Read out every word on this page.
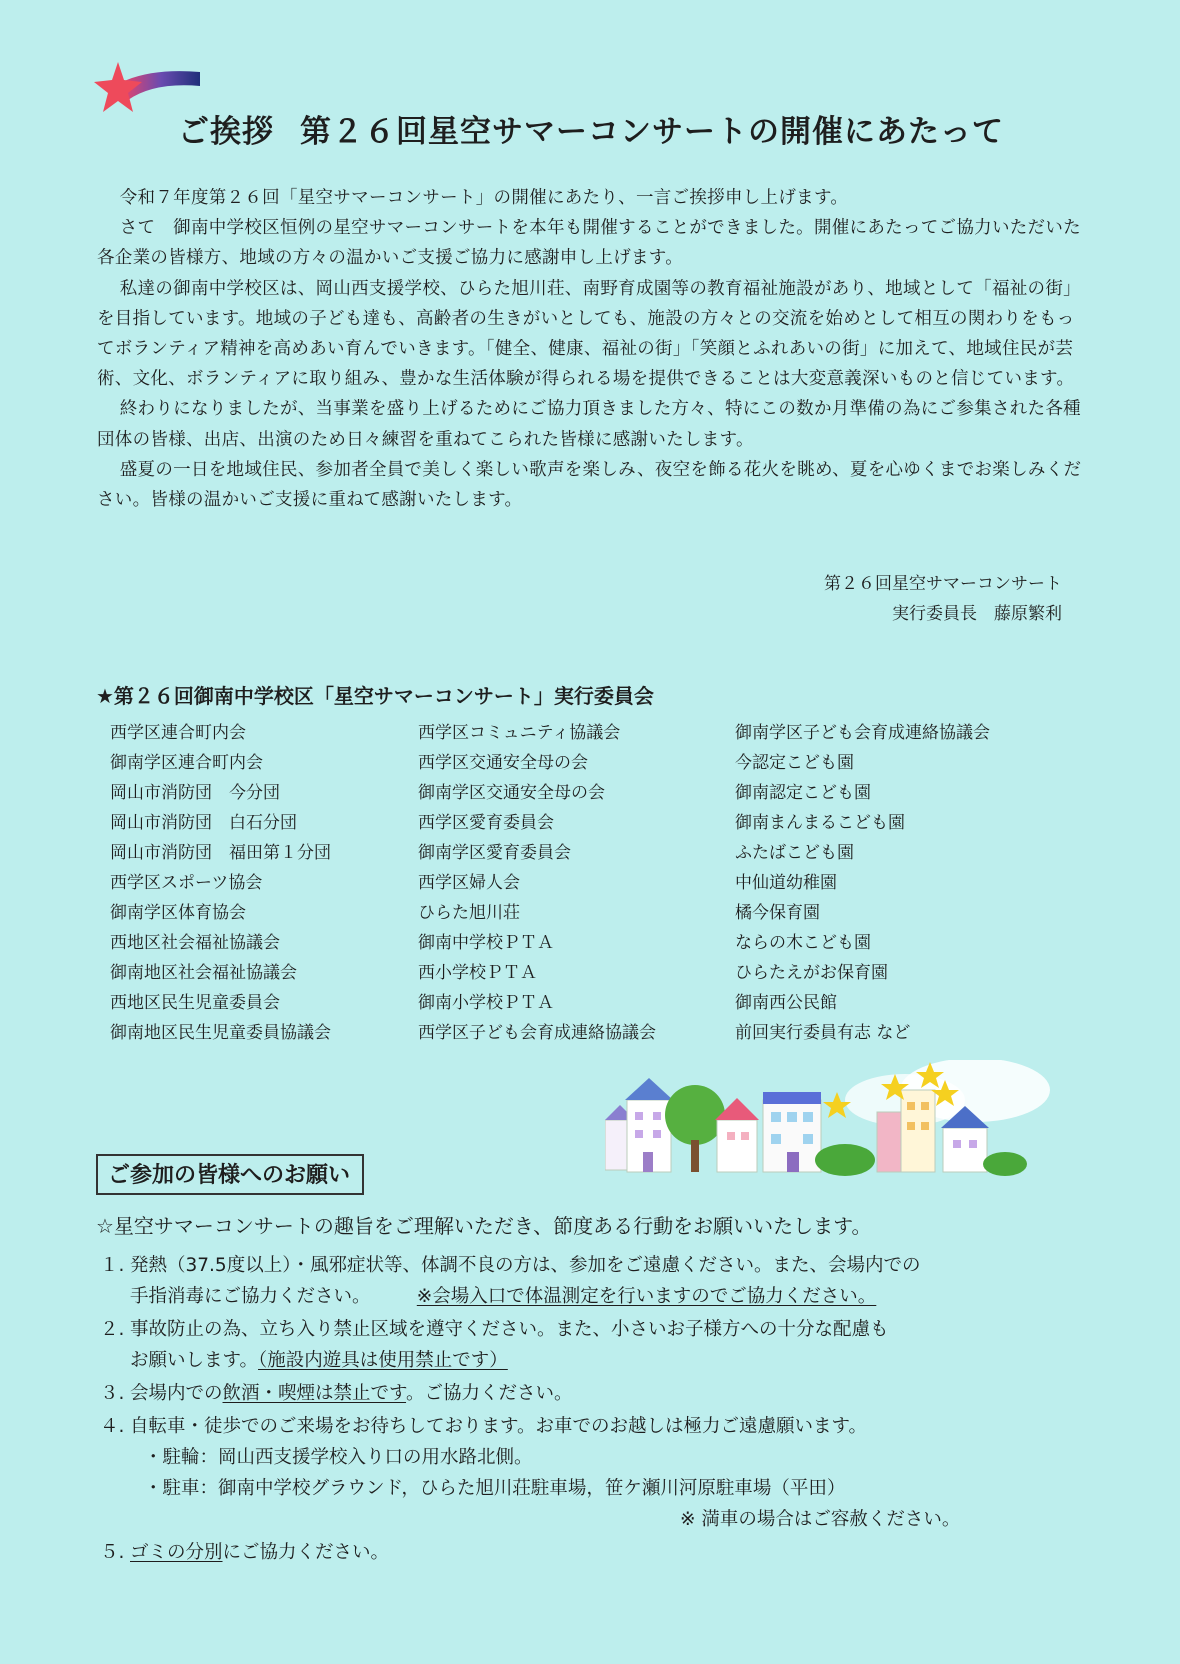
ご挨拶 第２６回星空サマーコンサートの開催にあたって

令和７年度第２６回「星空サマーコンサート」の開催にあたり、一言ご挨拶申し上げます。

さて　御南中学校区恒例の星空サマーコンサートを本年も開催することができました。開催にあたってご協力いただいた各企業の皆様方、地域の方々の温かいご支援ご協力に感謝申し上げます。

私達の御南中学校区は、岡山西支援学校、ひらた旭川荘、南野育成園等の教育福祉施設があり、地域として「福祉の街」を目指しています。地域の子ども達も、高齢者の生きがいとしても、施設の方々との交流を始めとして相互の関わりをもってボランティア精神を高めあい育んでいきます。「健全、健康、福祉の街」「笑顔とふれあいの街」に加えて、地域住民が芸術、文化、ボランティアに取り組み、豊かな生活体験が得られる場を提供できることは大変意義深いものと信じています。

終わりになりましたが、当事業を盛り上げるためにご協力頂きました方々、特にこの数か月準備の為にご参集された各種団体の皆様、出店、出演のため日々練習を重ねてこられた皆様に感謝いたします。

盛夏の一日を地域住民、参加者全員で美しく楽しい歌声を楽しみ、夜空を飾る花火を眺め、夏を心ゆくまでお楽しみください。皆様の温かいご支援に重ねて感謝いたします。

第２６回星空サマーコンサート
実行委員長　藤原繁利
★第２６回御南中学校区「星空サマーコンサート」実行委員会
西学区連合町内会
御南学区連合町内会
岡山市消防団　今分団
岡山市消防団　白石分団
岡山市消防団　福田第１分団
西学区スポーツ協会
御南学区体育協会
西地区社会福祉協議会
御南地区社会福祉協議会
西地区民生児童委員会
御南地区民生児童委員協議会
西学区コミュニティ協議会
西学区交通安全母の会
御南学区交通安全母の会
西学区愛育委員会
御南学区愛育委員会
西学区婦人会
ひらた旭川荘
御南中学校ＰＴＡ
西小学校ＰＴＡ
御南小学校ＰＴＡ
西学区子ども会育成連絡協議会
御南学区子ども会育成連絡協議会
今認定こども園
御南認定こども園
御南まんまるこども園
ふたばこども園
中仙道幼稚園
橘今保育園
ならの木こども園
ひらたえがお保育園
御南西公民館
前回実行委員有志 など
ご参加の皆様へのお願い
☆星空サマーコンサートの趣旨をご理解いただき、節度ある行動をお願いいたします。
１. 発熱（37.5度以上）・風邪症状等、体調不良の方は、参加をご遠慮ください。また、会場内での
手指消毒にご協力ください。　　　	※会場入口で体温測定を行いますのでご協力ください。
２. 事故防止の為、立ち入り禁止区域を遵守ください。また、小さいお子様方への十分な配慮も
お願いします。（施設内遊具は使用禁止です）
３. 会場内での飲酒・喫煙は禁止です。ご協力ください。
４. 自転車・徒歩でのご来場をお待ちしております。お車でのお越しは極力ご遠慮願います。
・駐輪：岡山西支援学校入り口の用水路北側。
・駐車：御南中学校グラウンド，ひらた旭川荘駐車場，笹ケ瀬川河原駐車場（平田）
※ 満車の場合はご容赦ください。
５. ゴミの分別にご協力ください。
